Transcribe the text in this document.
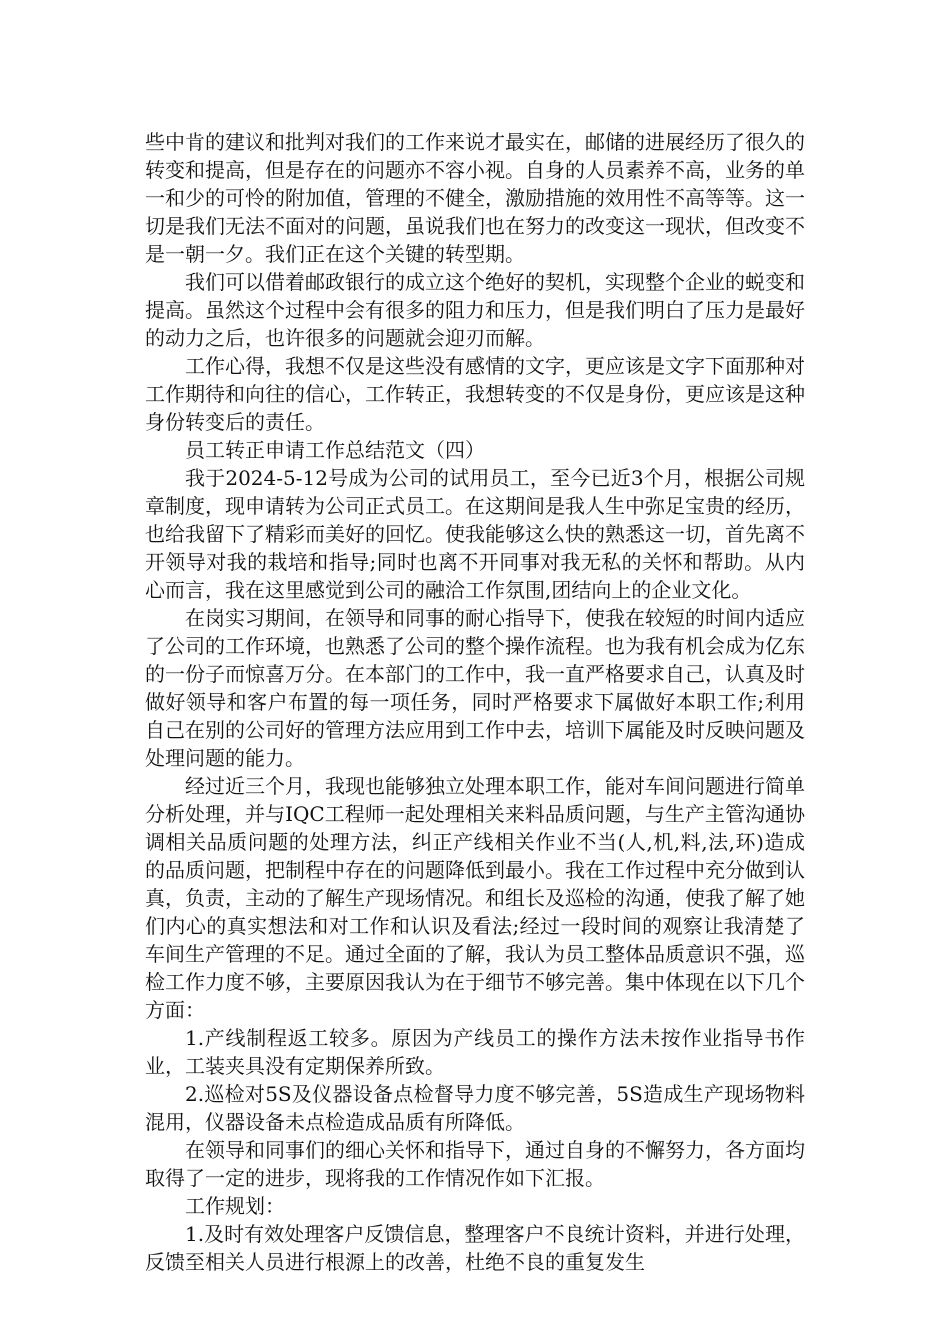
些中肯的建议和批判对我们的工作来说才最实在，邮储的进展经历了很久的转变和提高，但是存在的问题亦不容小视。自身的人员素养不高，业务的单一和少的可怜的附加值，管理的不健全，激励措施的效用性不高等等。这一切是我们无法不面对的问题，虽说我们也在努力的改变这一现状，但改变不是一朝一夕。我们正在这个关键的转型期。

我们可以借着邮政银行的成立这个绝好的契机，实现整个企业的蜕变和提高。虽然这个过程中会有很多的阻力和压力，但是我们明白了压力是最好的动力之后，也许很多的问题就会迎刃而解。

工作心得，我想不仅是这些没有感情的文字，更应该是文字下面那种对工作期待和向往的信心，工作转正，我想转变的不仅是身份，更应该是这种身份转变后的责任。

员工转正申请工作总结范文（四）

我于2024-5-12号成为公司的试用员工，至今已近3个月，根据公司规章制度，现申请转为公司正式员工。在这期间是我人生中弥足宝贵的经历，也给我留下了精彩而美好的回忆。使我能够这么快的熟悉这一切，首先离不开领导对我的栽培和指导;同时也离不开同事对我无私的关怀和帮助。从内心而言，我在这里感觉到公司的融洽工作氛围,团结向上的企业文化。

在岗实习期间，在领导和同事的耐心指导下，使我在较短的时间内适应了公司的工作环境，也熟悉了公司的整个操作流程。也为我有机会成为亿东的一份子而惊喜万分。在本部门的工作中，我一直严格要求自己，认真及时做好领导和客户布置的每一项任务，同时严格要求下属做好本职工作;利用自己在别的公司好的管理方法应用到工作中去，培训下属能及时反映问题及处理问题的能力。

经过近三个月，我现也能够独立处理本职工作，能对车间问题进行简单分析处理，并与IQC工程师一起处理相关来料品质问题，与生产主管沟通协调相关品质问题的处理方法，纠正产线相关作业不当(人,机,料,法,环)造成的品质问题，把制程中存在的问题降低到最小。我在工作过程中充分做到认真，负责，主动的了解生产现场情况。和组长及巡检的沟通，使我了解了她们内心的真实想法和对工作和认识及看法;经过一段时间的观察让我清楚了车间生产管理的不足。通过全面的了解，我认为员工整体品质意识不强，巡检工作力度不够，主要原因我认为在于细节不够完善。集中体现在以下几个方面：

1.产线制程返工较多。原因为产线员工的操作方法未按作业指导书作业，工装夹具没有定期保养所致。

2.巡检对5S及仪器设备点检督导力度不够完善，5S造成生产现场物料混用，仪器设备未点检造成品质有所降低。

在领导和同事们的细心关怀和指导下，通过自身的不懈努力，各方面均取得了一定的进步，现将我的工作情况作如下汇报。

工作规划：

1.及时有效处理客户反馈信息，整理客户不良统计资料，并进行处理，反馈至相关人员进行根源上的改善，杜绝不良的重复发生
